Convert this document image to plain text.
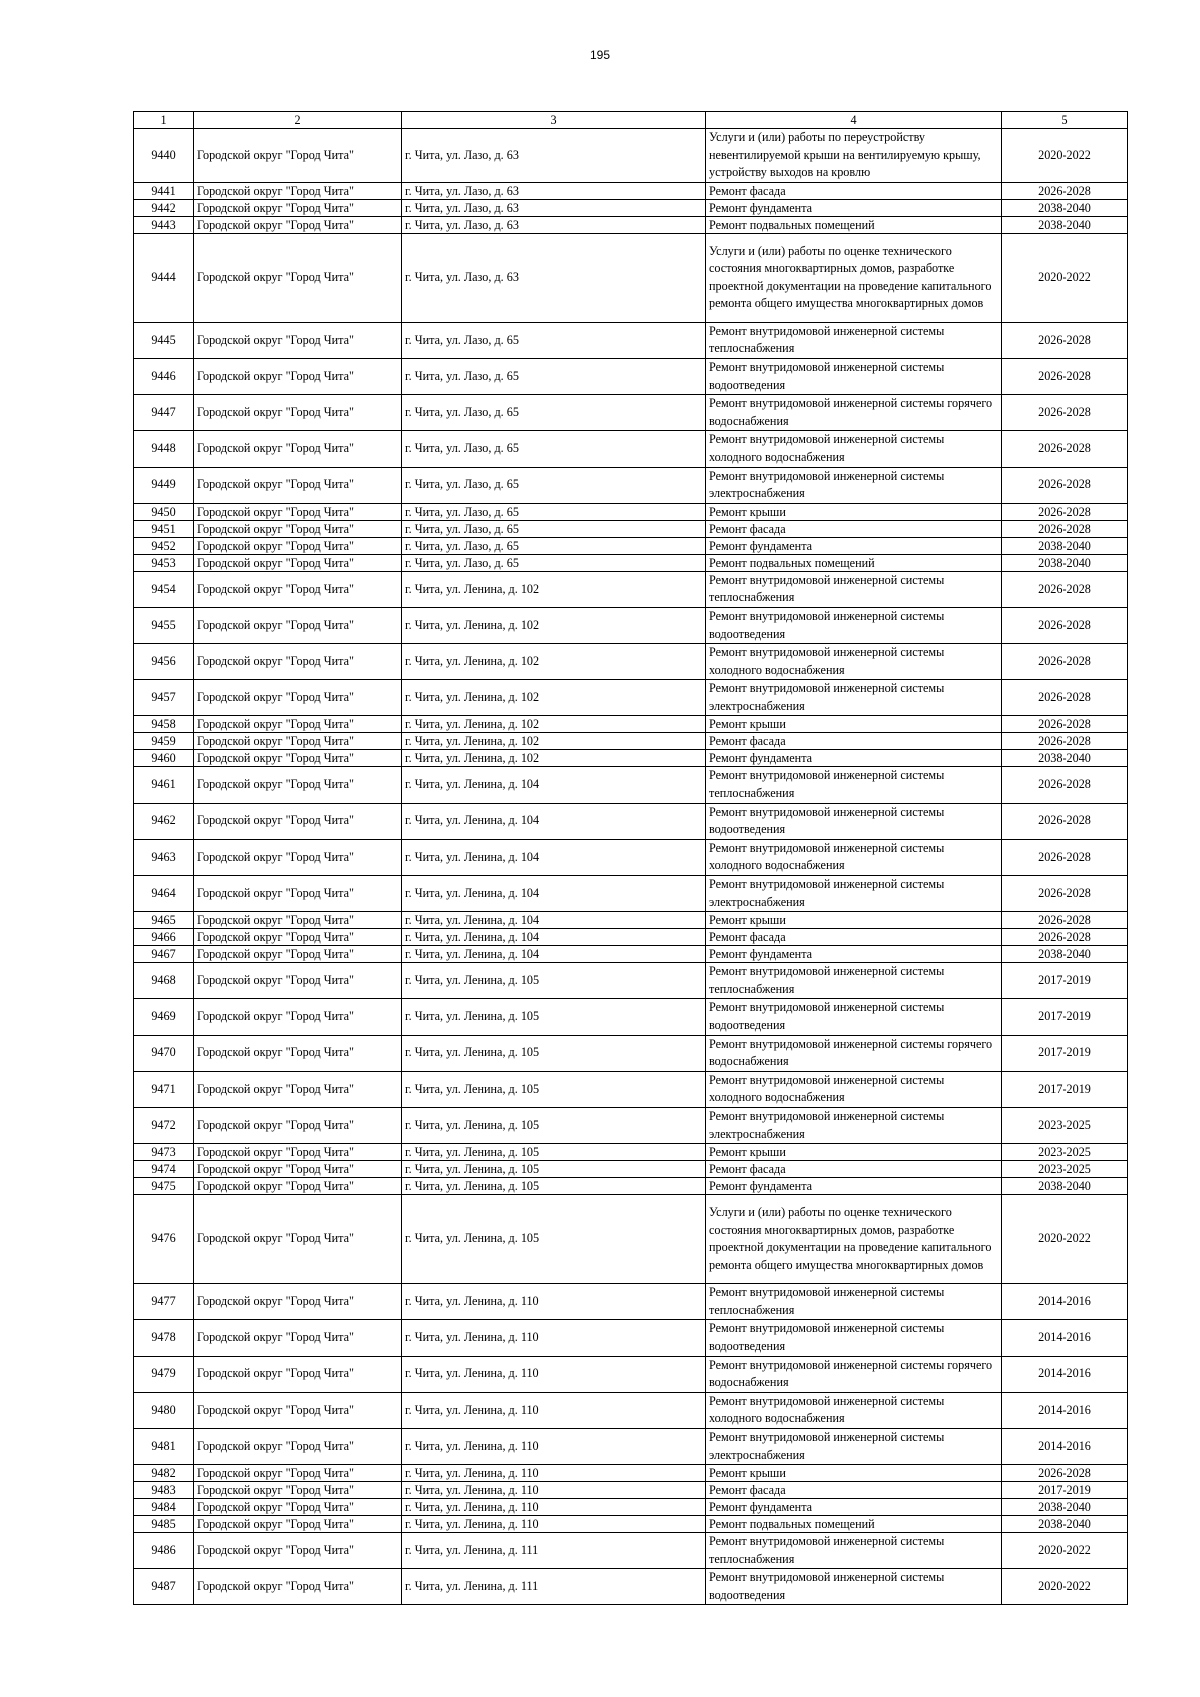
195
1	2	3	4	5
9440	Городской округ "Город Чита"	г. Чита, ул. Лазо, д. 63	Услуги и (или) работы по переустройству невентилируемой крыши на вентилируемую крышу, устройству выходов на кровлю	2020-2022
9441	Городской округ "Город Чита"	г. Чита, ул. Лазо, д. 63	Ремонт фасада	2026-2028
9442	Городской округ "Город Чита"	г. Чита, ул. Лазо, д. 63	Ремонт фундамента	2038-2040
9443	Городской округ "Город Чита"	г. Чита, ул. Лазо, д. 63	Ремонт подвальных помещений	2038-2040
9444	Городской округ "Город Чита"	г. Чита, ул. Лазо, д. 63	Услуги и (или) работы по оценке технического состояния многоквартирных домов, разработке проектной документации на проведение капитального ремонта общего имущества многоквартирных домов	2020-2022
9445	Городской округ "Город Чита"	г. Чита, ул. Лазо, д. 65	Ремонт внутридомовой инженерной системы теплоснабжения	2026-2028
9446	Городской округ "Город Чита"	г. Чита, ул. Лазо, д. 65	Ремонт внутридомовой инженерной системы водоотведения	2026-2028
9447	Городской округ "Город Чита"	г. Чита, ул. Лазо, д. 65	Ремонт внутридомовой инженерной системы горячего водоснабжения	2026-2028
9448	Городской округ "Город Чита"	г. Чита, ул. Лазо, д. 65	Ремонт внутридомовой инженерной системы холодного водоснабжения	2026-2028
9449	Городской округ "Город Чита"	г. Чита, ул. Лазо, д. 65	Ремонт внутридомовой инженерной системы электроснабжения	2026-2028
9450	Городской округ "Город Чита"	г. Чита, ул. Лазо, д. 65	Ремонт крыши	2026-2028
9451	Городской округ "Город Чита"	г. Чита, ул. Лазо, д. 65	Ремонт фасада	2026-2028
9452	Городской округ "Город Чита"	г. Чита, ул. Лазо, д. 65	Ремонт фундамента	2038-2040
9453	Городской округ "Город Чита"	г. Чита, ул. Лазо, д. 65	Ремонт подвальных помещений	2038-2040
9454	Городской округ "Город Чита"	г. Чита, ул. Ленина, д. 102	Ремонт внутридомовой инженерной системы теплоснабжения	2026-2028
9455	Городской округ "Город Чита"	г. Чита, ул. Ленина, д. 102	Ремонт внутридомовой инженерной системы водоотведения	2026-2028
9456	Городской округ "Город Чита"	г. Чита, ул. Ленина, д. 102	Ремонт внутридомовой инженерной системы холодного водоснабжения	2026-2028
9457	Городской округ "Город Чита"	г. Чита, ул. Ленина, д. 102	Ремонт внутридомовой инженерной системы электроснабжения	2026-2028
9458	Городской округ "Город Чита"	г. Чита, ул. Ленина, д. 102	Ремонт крыши	2026-2028
9459	Городской округ "Город Чита"	г. Чита, ул. Ленина, д. 102	Ремонт фасада	2026-2028
9460	Городской округ "Город Чита"	г. Чита, ул. Ленина, д. 102	Ремонт фундамента	2038-2040
9461	Городской округ "Город Чита"	г. Чита, ул. Ленина, д. 104	Ремонт внутридомовой инженерной системы теплоснабжения	2026-2028
9462	Городской округ "Город Чита"	г. Чита, ул. Ленина, д. 104	Ремонт внутридомовой инженерной системы водоотведения	2026-2028
9463	Городской округ "Город Чита"	г. Чита, ул. Ленина, д. 104	Ремонт внутридомовой инженерной системы холодного водоснабжения	2026-2028
9464	Городской округ "Город Чита"	г. Чита, ул. Ленина, д. 104	Ремонт внутридомовой инженерной системы электроснабжения	2026-2028
9465	Городской округ "Город Чита"	г. Чита, ул. Ленина, д. 104	Ремонт крыши	2026-2028
9466	Городской округ "Город Чита"	г. Чита, ул. Ленина, д. 104	Ремонт фасада	2026-2028
9467	Городской округ "Город Чита"	г. Чита, ул. Ленина, д. 104	Ремонт фундамента	2038-2040
9468	Городской округ "Город Чита"	г. Чита, ул. Ленина, д. 105	Ремонт внутридомовой инженерной системы теплоснабжения	2017-2019
9469	Городской округ "Город Чита"	г. Чита, ул. Ленина, д. 105	Ремонт внутридомовой инженерной системы водоотведения	2017-2019
9470	Городской округ "Город Чита"	г. Чита, ул. Ленина, д. 105	Ремонт внутридомовой инженерной системы горячего водоснабжения	2017-2019
9471	Городской округ "Город Чита"	г. Чита, ул. Ленина, д. 105	Ремонт внутридомовой инженерной системы холодного водоснабжения	2017-2019
9472	Городской округ "Город Чита"	г. Чита, ул. Ленина, д. 105	Ремонт внутридомовой инженерной системы электроснабжения	2023-2025
9473	Городской округ "Город Чита"	г. Чита, ул. Ленина, д. 105	Ремонт крыши	2023-2025
9474	Городской округ "Город Чита"	г. Чита, ул. Ленина, д. 105	Ремонт фасада	2023-2025
9475	Городской округ "Город Чита"	г. Чита, ул. Ленина, д. 105	Ремонт фундамента	2038-2040
9476	Городской округ "Город Чита"	г. Чита, ул. Ленина, д. 105	Услуги и (или) работы по оценке технического состояния многоквартирных домов, разработке проектной документации на проведение капитального ремонта общего имущества многоквартирных домов	2020-2022
9477	Городской округ "Город Чита"	г. Чита, ул. Ленина, д. 110	Ремонт внутридомовой инженерной системы теплоснабжения	2014-2016
9478	Городской округ "Город Чита"	г. Чита, ул. Ленина, д. 110	Ремонт внутридомовой инженерной системы водоотведения	2014-2016
9479	Городской округ "Город Чита"	г. Чита, ул. Ленина, д. 110	Ремонт внутридомовой инженерной системы горячего водоснабжения	2014-2016
9480	Городской округ "Город Чита"	г. Чита, ул. Ленина, д. 110	Ремонт внутридомовой инженерной системы холодного водоснабжения	2014-2016
9481	Городской округ "Город Чита"	г. Чита, ул. Ленина, д. 110	Ремонт внутридомовой инженерной системы электроснабжения	2014-2016
9482	Городской округ "Город Чита"	г. Чита, ул. Ленина, д. 110	Ремонт крыши	2026-2028
9483	Городской округ "Город Чита"	г. Чита, ул. Ленина, д. 110	Ремонт фасада	2017-2019
9484	Городской округ "Город Чита"	г. Чита, ул. Ленина, д. 110	Ремонт фундамента	2038-2040
9485	Городской округ "Город Чита"	г. Чита, ул. Ленина, д. 110	Ремонт подвальных помещений	2038-2040
9486	Городской округ "Город Чита"	г. Чита, ул. Ленина, д. 111	Ремонт внутридомовой инженерной системы теплоснабжения	2020-2022
9487	Городской округ "Город Чита"	г. Чита, ул. Ленина, д. 111	Ремонт внутридомовой инженерной системы водоотведения	2020-2022
